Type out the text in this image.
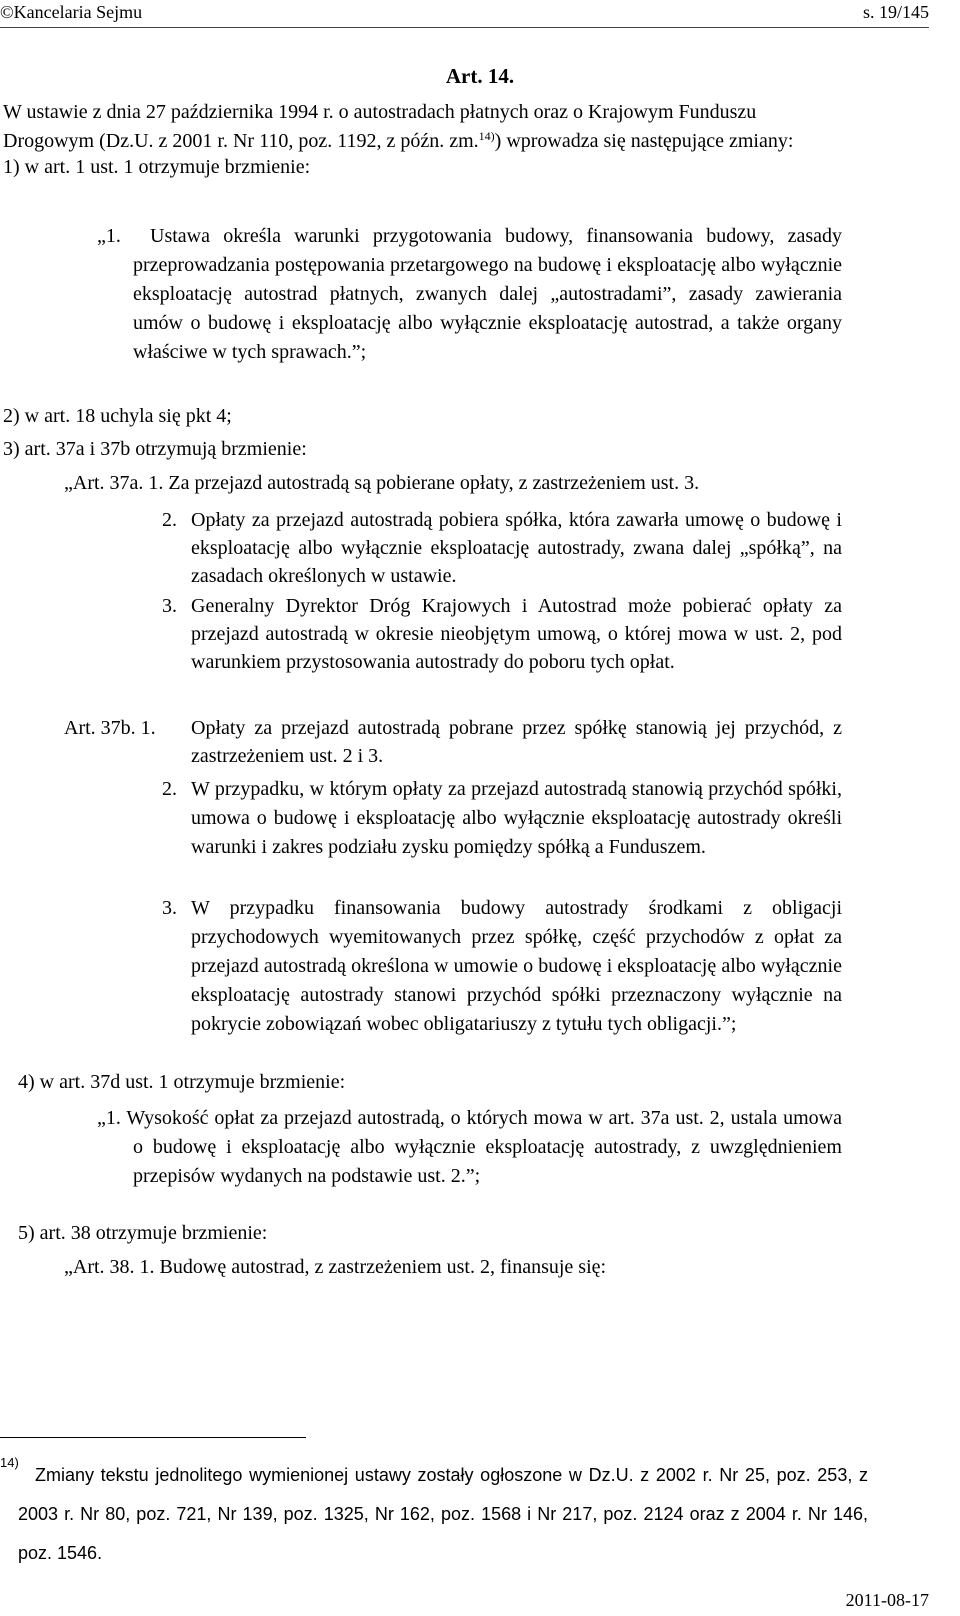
©Kancelaria Sejmu	s. 19/145
Art. 14.
W ustawie z dnia 27 października 1994 r. o autostradach płatnych oraz o Krajowym Funduszu Drogowym (Dz.U. z 2001 r. Nr 110, poz. 1192, z późn. zm.$^{14)}$) wprowadza się następujące zmiany:
1) w art. 1 ust. 1 otrzymuje brzmienie:
„1.	Ustawa określa warunki przygotowania budowy, finansowania budowy, zasady przeprowadzania postępowania przetargowego na budowę i eksploatację albo wyłącznie eksploatację autostrad płatnych, zwanych dalej „autostradami”, zasady zawierania umów o budowę i eksploatację albo wyłącznie eksploatację autostrad, a także organy właściwe w tych sprawach.”;
2) w art. 18 uchyla się pkt 4;
3) art. 37a i 37b otrzymują brzmienie:
„Art. 37a. 1. Za przejazd autostradą są pobierane opłaty, z zastrzeżeniem ust. 3.
2. Opłaty za przejazd autostradą pobiera spółka, która zawarła umowę o budowę i eksploatację albo wyłącznie eksploatację autostrady, zwana dalej „spółką”, na zasadach określonych w ustawie.
3. Generalny Dyrektor Dróg Krajowych i Autostrad może pobierać opłaty za przejazd autostradą w okresie nieobjętym umową, o której mowa w ust. 2, pod warunkiem przystosowania autostrady do poboru tych opłat.
Art. 37b. 1. Opłaty za przejazd autostradą pobrane przez spółkę stanowią jej przychód, z zastrzeżeniem ust. 2 i 3.
2. W przypadku, w którym opłaty za przejazd autostradą stanowią przychód spółki, umowa o budowę i eksploatację albo wyłącznie eksploatację autostrady określi warunki i zakres podziału zysku pomiędzy spółką a Funduszem.
3. W przypadku finansowania budowy autostrady środkami z obligacji przychodowych wyemitowanych przez spółkę, część przychodów z opłat za przejazd autostradą określona w umowie o budowę i eksploatację albo wyłącznie eksploatację autostrady stanowi przychód spółki przeznaczony wyłącznie na pokrycie zobowiązań wobec obligatariuszy z tytułu tych obligacji.”;
4) w art. 37d ust. 1 otrzymuje brzmienie:
„1. Wysokość opłat za przejazd autostradą, o których mowa w art. 37a ust. 2, ustala umowa o budowę i eksploatację albo wyłącznie eksploatację autostrady, z uwzględnieniem przepisów wydanych na podstawie ust. 2.”;
5) art. 38 otrzymuje brzmienie:
„Art. 38. 1. Budowę autostrad, z zastrzeżeniem ust. 2, finansuje się:
14)
Zmiany tekstu jednolitego wymienionej ustawy zostały ogłoszone w Dz.U. z 2002 r. Nr 25, poz. 253, z 2003 r. Nr 80, poz. 721, Nr 139, poz. 1325, Nr 162, poz. 1568 i Nr 217, poz. 2124 oraz z 2004 r. Nr 146, poz. 1546.
2011-08-17
